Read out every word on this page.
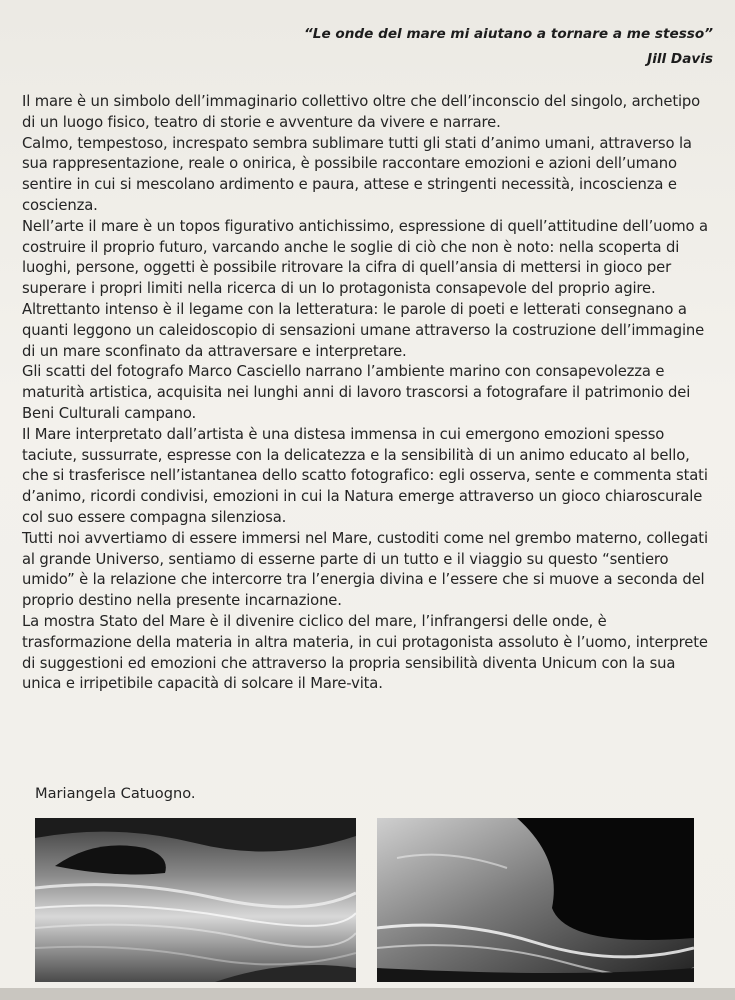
“Le onde del mare mi aiutano a tornare a me stesso”
Jill Davis

Il mare è un simbolo dell’immaginario collettivo oltre che dell’inconscio del singolo, archetipo di un luogo fisico, teatro di storie e avventure da vivere e narrare.

Calmo, tempestoso, increspato sembra sublimare tutti gli stati d’animo umani, attraverso la sua rappresentazione, reale o onirica, è possibile raccontare emozioni e azioni dell’umano sentire in cui si mescolano ardimento e paura, attese e stringenti necessità, incoscienza e coscienza.

Nell’arte il mare è un topos figurativo antichissimo, espressione di quell’attitudine dell’uomo a costruire il proprio futuro, varcando anche le soglie di ciò che non è noto: nella scoperta di luoghi, persone, oggetti è possibile ritrovare la cifra di quell’ansia di mettersi in gioco per superare i propri limiti nella ricerca di un Io protagonista consapevole del proprio agire.

Altrettanto intenso è il legame con la letteratura: le parole di poeti e letterati consegnano a quanti leggono un caleidoscopio di sensazioni umane attraverso la costruzione dell’immagine di un mare sconfinato da attraversare e interpretare.

Gli scatti del fotografo Marco Casciello narrano l’ambiente marino con consapevolezza e maturità artistica, acquisita nei lunghi anni di lavoro trascorsi a fotografare il patrimonio dei Beni Culturali campano.

Il Mare interpretato dall’artista è una distesa immensa in cui emergono emozioni spesso taciute, sussurrate, espresse con la delicatezza e la sensibilità di un animo educato al bello, che si trasferisce nell’istantanea dello scatto fotografico: egli osserva, sente e commenta stati d’animo, ricordi condivisi, emozioni in cui la Natura emerge attraverso un gioco chiaroscurale col suo essere compagna silenziosa.

Tutti noi avvertiamo di essere immersi nel Mare, custoditi come nel grembo materno, collegati al grande Universo, sentiamo di esserne parte di un tutto e il viaggio su questo “sentiero umido” è la relazione che intercorre tra l’energia divina e l’essere che si muove a seconda del proprio destino nella presente incarnazione.

La mostra Stato del Mare è il divenire ciclico del mare, l’infrangersi delle onde, è trasformazione della materia in altra materia, in cui protagonista assoluto è l’uomo, interprete di suggestioni ed emozioni che attraverso la propria sensibilità diventa Unicum con la sua unica e irripetibile capacità di solcare il Mare-vita.

Mariangela Catuogno.
